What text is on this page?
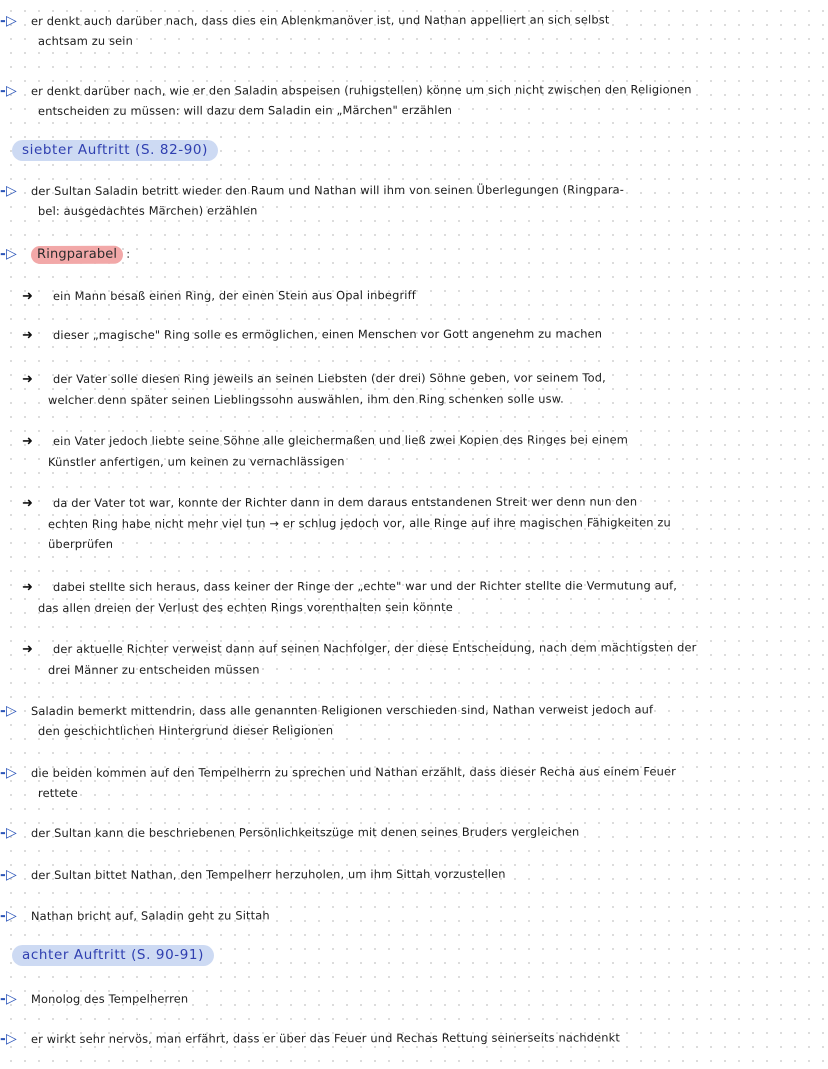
-▷ er denkt auch darüber nach, dass dies ein Ablenkmanöver ist, und Nathan appelliert an sich selbst
achtsam zu sein
-▷ er denkt darüber nach, wie er den Saladin abspeisen (ruhigstellen) könne um sich nicht zwischen den Religionen
entscheiden zu müssen: will dazu dem Saladin ein „Märchen" erzählen
siebter Auftritt (S. 82-90)
-▷ der Sultan Saladin betritt wieder den Raum und Nathan will ihm von seinen Überlegungen (Ringpara-
bel: ausgedachtes Märchen) erzählen
-▷ Ringparabel :
➜ ein Mann besaß einen Ring, der einen Stein aus Opal inbegriff
➜ dieser „magische" Ring solle es ermöglichen, einen Menschen vor Gott angenehm zu machen
➜ der Vater solle diesen Ring jeweils an seinen Liebsten (der drei) Söhne geben, vor seinem Tod,
welcher denn später seinen Lieblingssohn auswählen, ihm den Ring schenken solle usw.
➜ ein Vater jedoch liebte seine Söhne alle gleichermaßen und ließ zwei Kopien des Ringes bei einem
Künstler anfertigen, um keinen zu vernachlässigen
➜ da der Vater tot war, konnte der Richter dann in dem daraus entstandenen Streit wer denn nun den
echten Ring habe nicht mehr viel tun → er schlug jedoch vor, alle Ringe auf ihre magischen Fähigkeiten zu
überprüfen
➜ dabei stellte sich heraus, dass keiner der Ringe der „echte" war und der Richter stellte die Vermutung auf,
das allen dreien der Verlust des echten Rings vorenthalten sein könnte
➜ der aktuelle Richter verweist dann auf seinen Nachfolger, der diese Entscheidung, nach dem mächtigsten der
drei Männer zu entscheiden müssen
-▷ Saladin bemerkt mittendrin, dass alle genannten Religionen verschieden sind, Nathan verweist jedoch auf
den geschichtlichen Hintergrund dieser Religionen
-▷ die beiden kommen auf den Tempelherrn zu sprechen und Nathan erzählt, dass dieser Recha aus einem Feuer
rettete
-▷ der Sultan kann die beschriebenen Persönlichkeitszüge mit denen seines Bruders vergleichen
-▷ der Sultan bittet Nathan, den Tempelherr herzuholen, um ihm Sittah vorzustellen
-▷ Nathan bricht auf, Saladin geht zu Sittah
achter Auftritt (S. 90-91)
-▷ Monolog des Tempelherren
-▷ er wirkt sehr nervös, man erfährt, dass er über das Feuer und Rechas Rettung seinerseits nachdenkt
